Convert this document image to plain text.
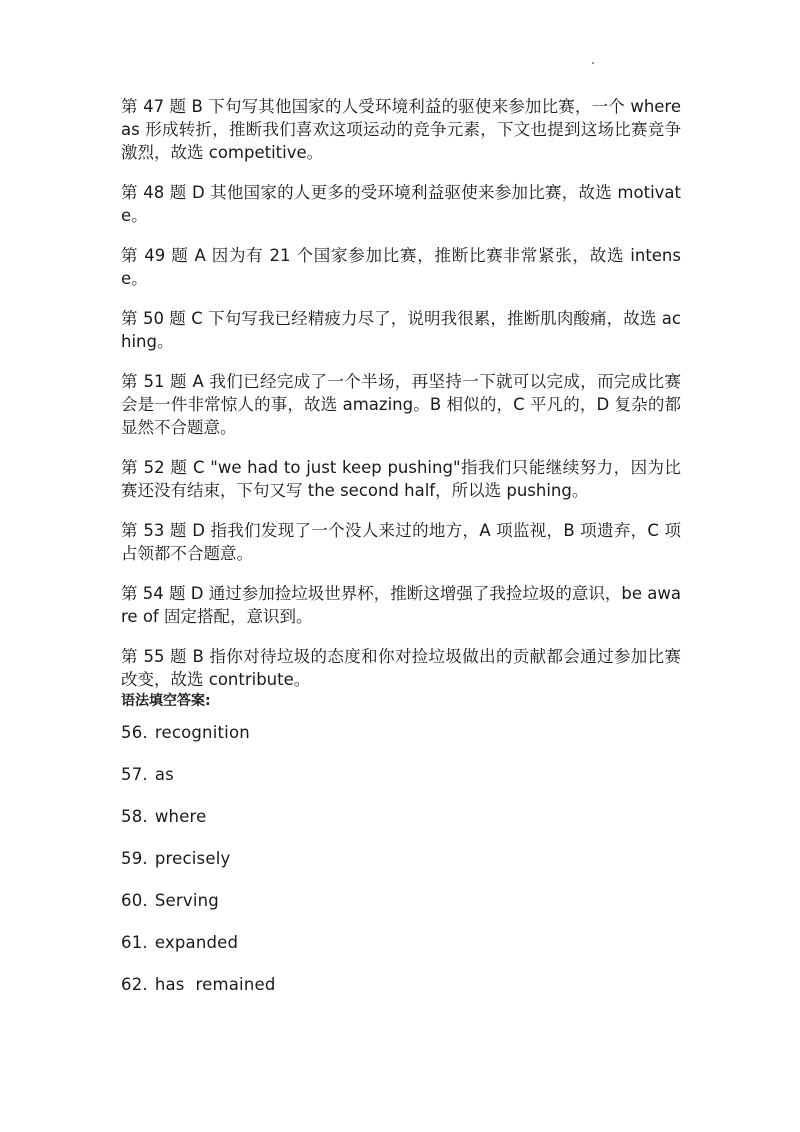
第 47 题 B 下句写其他国家的人受环境利益的驱使来参加比赛，一个 whereas 形成转折，推断我们喜欢这项运动的竞争元素，下文也提到这场比赛竞争激烈，故选 competitive。

第 48 题 D 其他国家的人更多的受环境利益驱使来参加比赛，故选 motivate。

第 49 题 A 因为有 21 个国家参加比赛，推断比赛非常紧张，故选 intense。

第 50 题 C 下句写我已经精疲力尽了，说明我很累，推断肌肉酸痛，故选 aching。

第 51 题 A 我们已经完成了一个半场，再坚持一下就可以完成，而完成比赛会是一件非常惊人的事，故选 amazing。B 相似的，C 平凡的，D 复杂的都显然不合题意。

第 52 题 C "we had to just keep pushing"指我们只能继续努力，因为比赛还没有结束，下句又写 the second half，所以选 pushing。

第 53 题 D 指我们发现了一个没人来过的地方，A 项监视，B 项遗弃，C 项占领都不合题意。

第 54 题 D 通过参加捡垃圾世界杯，推断这增强了我捡垃圾的意识，be aware of 固定搭配，意识到。

第 55 题 B 指你对待垃圾的态度和你对捡垃圾做出的贡献都会通过参加比赛改变，故选 contribute。

语法填空答案:
56. recognition
57. as
58. where
59. precisely
60. Serving
61. expanded
62. has  remained
